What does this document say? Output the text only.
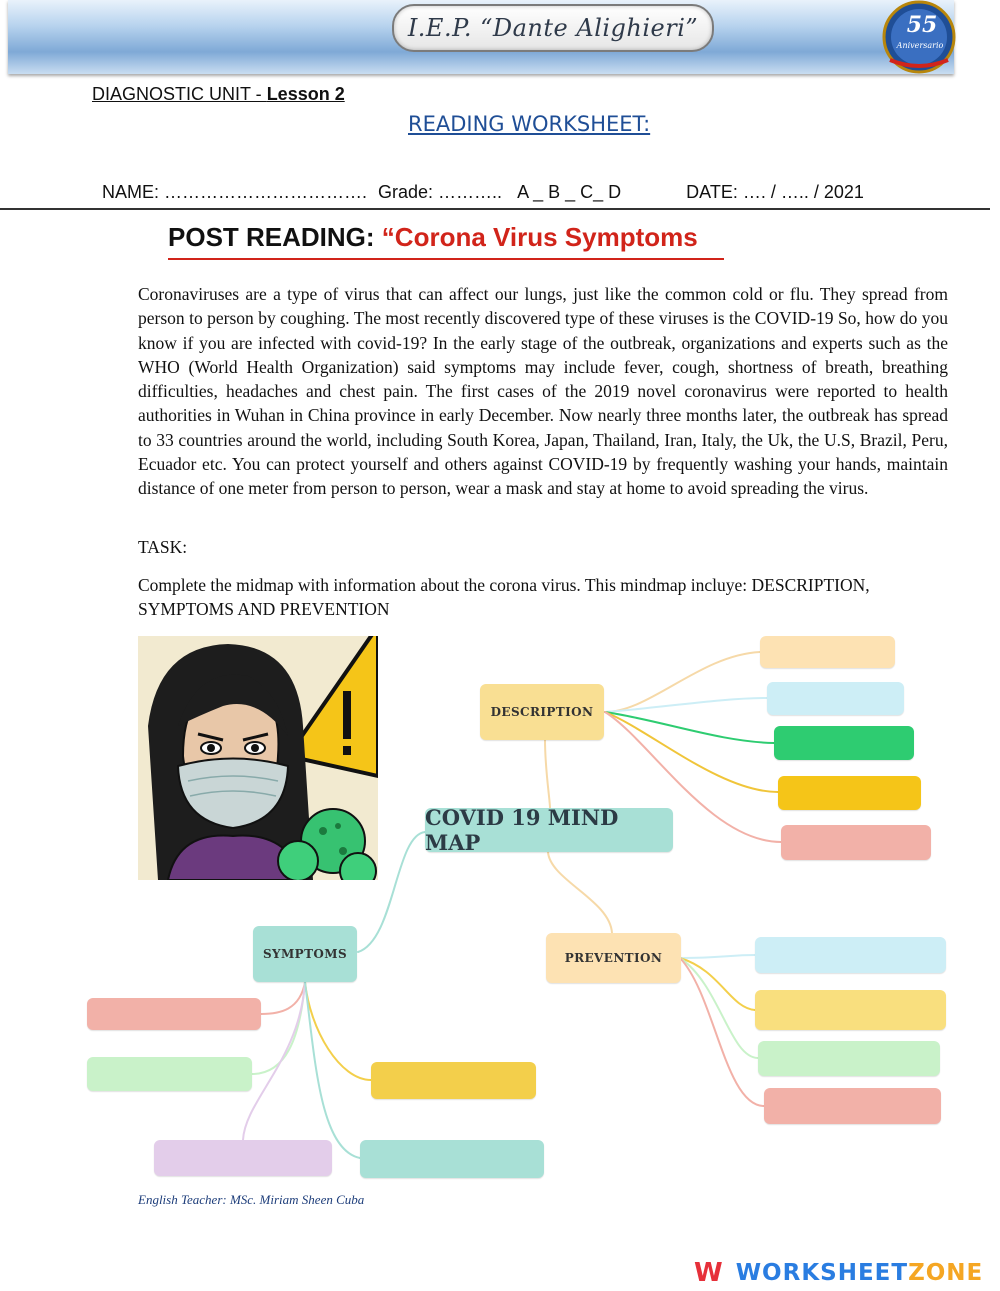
I.E.P. “Dante Alighieri”	55
Aniversario
DIAGNOSTIC UNIT - Lesson 2
READING WORKSHEET:
NAME: ……………………………. Grade: ……….. A _ B _ C_ D	DATE: …. / ….. / 2021
POST READING: “Corona Virus Symptoms
Coronaviruses are a type of virus that can affect our lungs, just like the common cold or flu. They spread from person to person by coughing. The most recently discovered type of these viruses is the COVID-19 So, how do you know if you are infected with covid-19? In the early stage of the outbreak, organizations and experts such as the WHO (World Health Organization) said symptoms may include fever, cough, shortness of breath, breathing difficulties, headaches and chest pain. The first cases of the 2019 novel coronavirus were reported to health authorities in Wuhan in China province in early December. Now nearly three months later, the outbreak has spread to 33 countries around the world, including South Korea, Japan, Thailand, Iran, Italy, the Uk, the U.S, Brazil, Peru, Ecuador etc. You can protect yourself and others against COVID-19 by frequently washing your hands, maintain distance of one meter from person to person, wear a mask and stay at home to avoid spreading the virus.
TASK:
Complete the midmap with information about the corona virus. This mindmap incluye: DESCRIPTION, SYMPTOMS AND PREVENTION
COVID 19 MIND MAP
DESCRIPTION
SYMPTOMS	PREVENTION
English Teacher: MSc. Miriam Sheen Cuba
W WORKSHEET ZONE
